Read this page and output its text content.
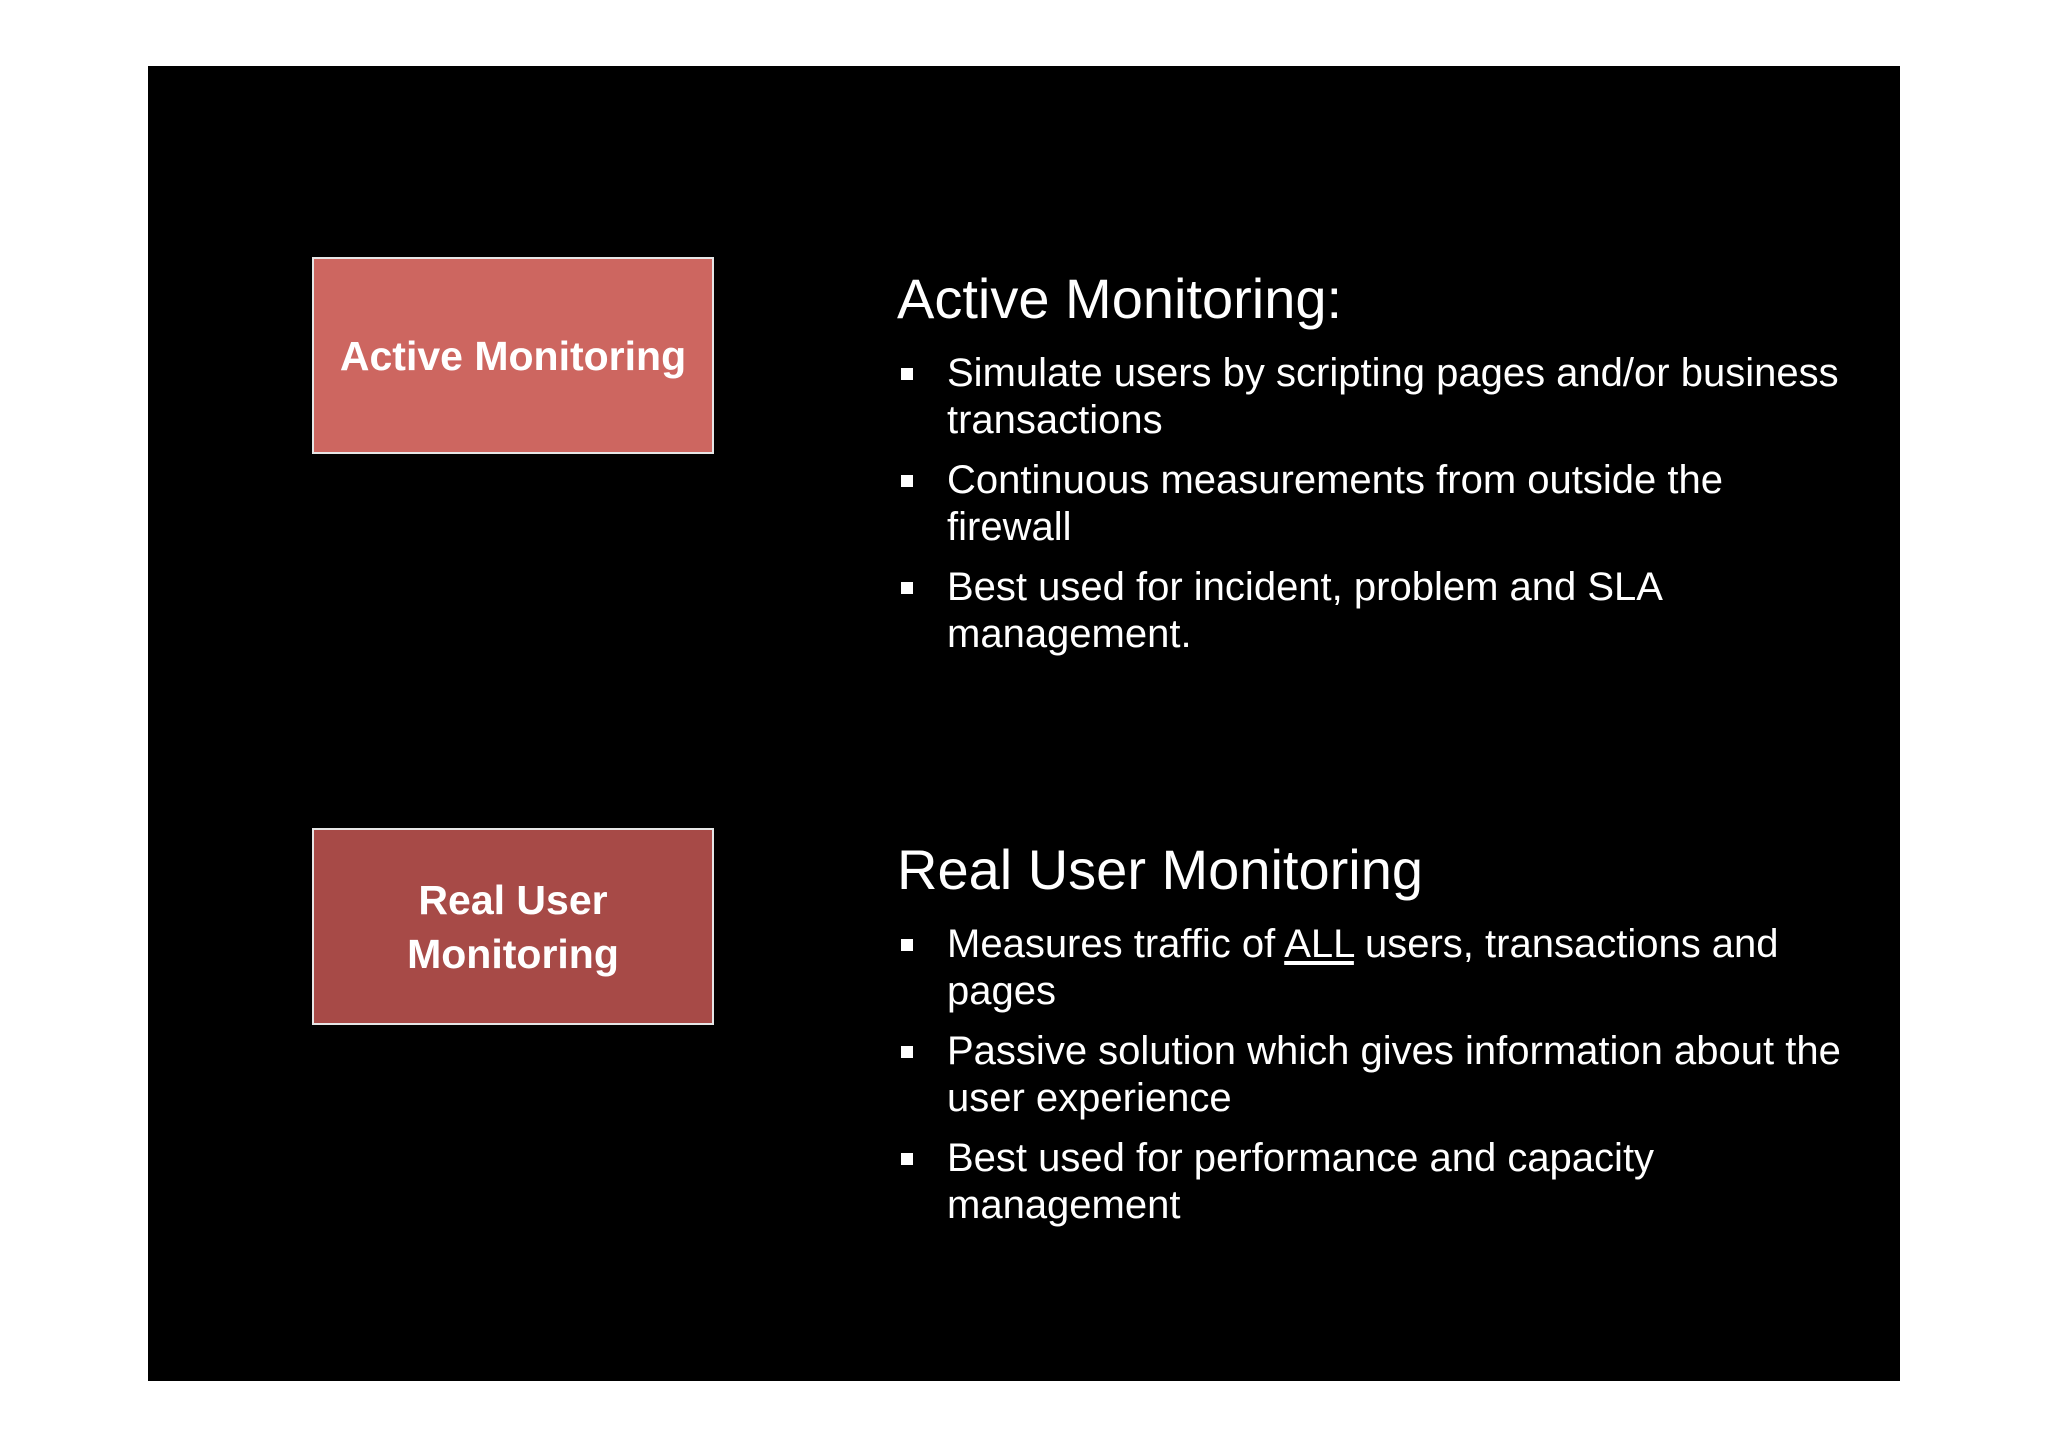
Active Monitoring
Active Monitoring:
Simulate users by scripting pages and/or business transactions
Continuous measurements from outside the firewall
Best used for incident, problem and SLA management.
Real User
Monitoring
Real User Monitoring
Measures traffic of ALL users, transactions and pages
Passive solution which gives information about the user experience
Best used for performance and capacity management
